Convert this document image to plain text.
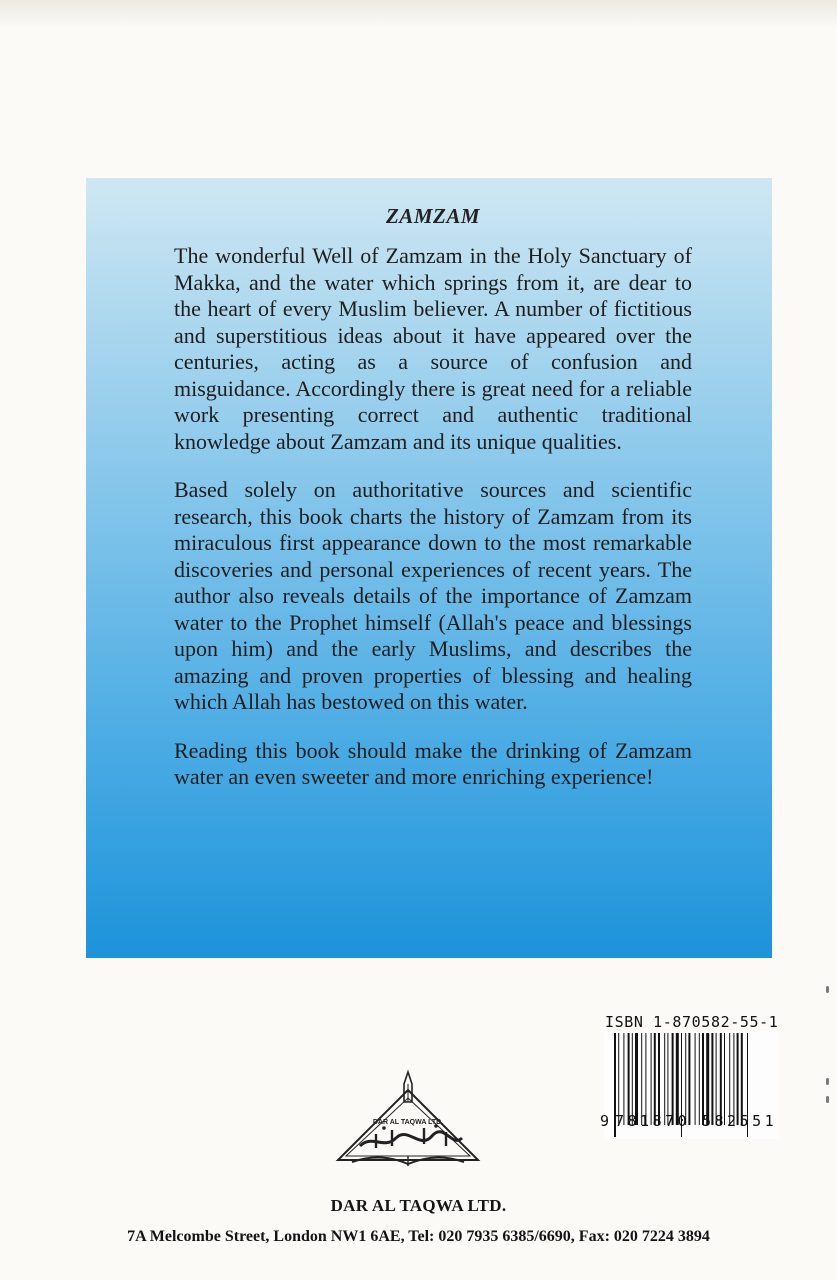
ZAMZAM

The wonderful Well of Zamzam in the Holy Sanctuary of Makka, and the water which springs from it, are dear to the heart of every Muslim believer. A number of fictitious and superstitious ideas about it have appeared over the centuries, acting as a source of confusion and misguidance. Accordingly there is great need for a reliable work presenting correct and authentic traditional knowledge about Zamzam and its unique qualities.

Based solely on authoritative sources and scientific research, this book charts the history of Zamzam from its miraculous first appearance down to the most remarkable discoveries and personal experiences of recent years. The author also reveals details of the importance of Zamzam water to the Prophet himself (Allah's peace and blessings upon him) and the early Muslims, and describes the amazing and proven properties of blessing and healing which Allah has bestowed on this water.

Reading this book should make the drinking of Zamzam water an even sweeter and more enriching experience!

ISBN 1-870582-55-1
9 781870 582551
DAR AL TAQWA LTD.
DAR AL TAQWA LTD.
7A Melcombe Street, London NW1 6AE, Tel: 020 7935 6385/6690, Fax: 020 7224 3894
